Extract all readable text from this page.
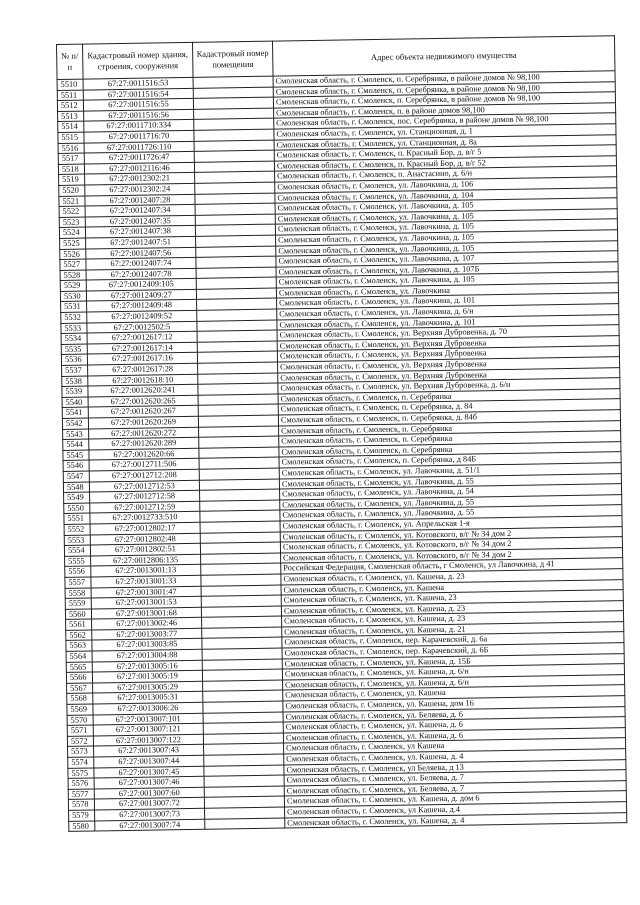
№ п/п	Кадастровый номер здания, строения, сооружения	Кадастровый номер помещения	Адрес объекта недвижимого имущества
5510	67:27:0011516:53		Смоленская область, г. Смоленск, п. Серебрянка, в районе домов № 98,100
5511	67:27:0011516:54		Смоленская область, г. Смоленск, п. Серебрянка, в районе домов № 98,100
5512	67:27:0011516:55		Смоленская область, г. Смоленск, п. Серебрянка, в районе домов № 98,100
5513	67:27:0011516:56		Смоленская область, г. Смоленск, п. в районе домов 98,100
5514	67:27:0011710:334		Смоленская область, г. Смоленск, пос. Серебрянка, в районе домов № 98,100
5515	67:27:0011716:70		Смоленская область, г. Смоленск, ул. Станционная, д. 1
5516	67:27:0011726:110		Смоленская область, г. Смоленск, ул. Станционная, д. 8а
5517	67:27:0011726:47		Смоленская область, г. Смоленск, п. Красный Бор, д. в/г 5
5518	67:27:0012116:46		Смоленская область, г. Смоленск, п. Красный Бор, д. в/г 52
5519	67:27:0012302:21		Смоленская область, г. Смоленск, п. Анастасино, д. 6/н
5520	67:27:0012302:24		Смоленская область, г. Смоленск, ул. Лавочкина, д. 106
5521	67:27:0012407:28		Смоленская область, г. Смоленск, ул. Лавочкина, д. 104
5522	67:27:0012407:34		Смоленская область, г. Смоленск, ул. Лавочкина, д. 105
5523	67:27:0012407:35		Смоленская область, г. Смоленск, ул. Лавочкина, д. 105
5524	67:27:0012407:38		Смоленская область, г. Смоленск, ул. Лавочкина, д. 105
5525	67:27:0012407:51		Смоленская область, г. Смоленск, ул. Лавочкина, д. 105
5526	67:27:0012407:56		Смоленская область, г. Смоленск, ул. Лавочкина, д. 105
5527	67:27:0012407:74		Смоленская область, г. Смоленск, ул. Лавочкина, д. 107
5528	67:27:0012407:78		Смоленская область, г. Смоленск, ул. Лавочкина, д. 107Б
5529	67:27:0012409:105		Смоленская область, г. Смоленск, ул. Лавочкина, д. 105
5530	67:27:0012409:27		Смоленская область, г. Смоленск, ул. Лавочкина
5531	67:27:0012409:48		Смоленская область, г. Смоленск, ул. Лавочкина, д. 101
5532	67:27:0012409:52		Смоленская область, г. Смоленск, ул. Лавочкина, д. 6/н
5533	67:27:0012502:5		Смоленская область, г. Смоленск, ул. Лавочкина, д. 101
5534	67:27:0012617:12		Смоленская область, г. Смоленск, ул. Верхняя Дубровенка, д. 70
5535	67:27:0012617:14		Смоленская область, г. Смоленск, ул. Верхняя Дубровенка
5536	67:27:0012617:16		Смоленская область, г. Смоленск, ул. Верхняя Дубровенка
5537	67:27:0012617:28		Смоленская область, г. Смоленск, ул. Верхняя Дубровенка
5538	67:27:0012618:10		Смоленская область, г. Смоленск, ул. Верхняя Дубровенка
5539	67:27:0012620:241		Смоленская область, г. Смоленск, ул. Верхняя Дубровенка, д. 6/н
5540	67:27:0012620:265		Смоленская область, г. Смоленск, п. Серебрянка
5541	67:27:0012620:267		Смоленская область, г. Смоленск, п. Серебрянка, д. 84
5542	67:27:0012620:269		Смоленская область, г. Смоленск, п. Серебрянка, д. 84б
5543	67:27:0012620:272		Смоленская область, г. Смоленск, п. Серебрянка
5544	67:27:0012620:289		Смоленская область, г. Смоленск, п. Серебрянка
5545	67:27:0012620:66		Смоленская область, г. Смоленск, п. Серебрянка
5546	67:27:0012711:506		Смоленская область, г. Смоленск, п. Серебрянка, д 84Б
5547	67:27:0012712:208		Смоленская область, г. Смоленск, ул. Лавочкина, д. 51/1
5548	67:27:0012712:53		Смоленская область, г. Смоленск, ул. Лавочкина, д. 55
5549	67:27:0012712:58		Смоленская область, г. Смоленск, ул. Лавочкина, д. 54
5550	67:27:0012712:59		Смоленская область, г. Смоленск, ул. Лавочкина, д. 55
5551	67:27:0012733:510		Смоленская область, г. Смоленск, ул. Лавочкина, д. 55
5552	67:27:0012802:17		Смоленская область, г. Смоленск, ул. Апрельская 1-я
5553	67:27:0012802:48		Смоленская область, г. Смоленск, ул. Котовского, в/г № 34 дом 2
5554	67:27:0012802:51		Смоленская область, г. Смоленск, ул. Котовского, в/г № 34 дом 2
5555	67:27:0012806:135		Смоленская область, г. Смоленск, ул. Котовского, в/г № 34 дом 2
5556	67:27:0013001:13		Российская Федерация, Смоленская область, г Смоленск, ул Лавочкина, д 41
5557	67:27:0013001:33		Смоленская область, г. Смоленск, ул. Кашена, д. 23
5558	67:27:0013001:47		Смоленская область, г. Смоленск, ул. Кашена
5559	67:27:0013001:53		Смоленская область, г. Смоленск, ул. Кашена, 23
5560	67:27:0013001:68		Смоленская область, г. Смоленск, ул. Кашена, д. 23
5561	67:27:0013002:46		Смоленская область, г. Смоленск, ул. Кашена, д. 23
5562	67:27:0013003:77		Смоленская область, г. Смоленск, ул. Кашена, д. 21
5563	67:27:0013003:85		Смоленская область, г. Смоленск, пер. Карачевский, д. 6а
5564	67:27:0013004:88		Смоленская область, г. Смоленск, пер. Карачевский, д. 6Б
5565	67:27:0013005:16		Смоленская область, г. Смоленск, ул. Кашена, д. 15Б
5566	67:27:0013005:19		Смоленская область, г. Смоленск, ул. Кашена, д. 6/н
5567	67:27:0013005:29		Смоленская область, г. Смоленск, ул. Кашена, д. 6/н
5568	67:27:0013005:31		Смоленская область, г. Смоленск, ул. Кашена
5569	67:27:0013006:26		Смоленская область, г. Смоленск, ул. Кашена, дом 16
5570	67:27:0013007:101		Смоленская область, г. Смоленск, ул. Беляева, д. 6
5571	67:27:0013007:121		Смоленская область, г. Смоленск, ул. Кашена, д. 6
5572	67:27:0013007:122		Смоленская область, г. Смоленск, ул. Кашена, д. 6
5573	67:27:0013007:43		Смоленская область, г. Смоленск, ул Кашена
5574	67:27:0013007:44		Смоленская область, г. Смоленск, ул. Кашена, д. 4
5575	67:27:0013007:45		Смоленская область, г. Смоленск, ул Беляева, д 13
5576	67:27:0013007:46		Смоленская область, г. Смоленск, ул. Беляева, д. 7
5577	67:27:0013007:60		Смоленская область, г. Смоленск, ул. Беляева, д. 7
5578	67:27:0013007:72		Смоленская область, г. Смоленск, ул. Кашена, д. дом 6
5579	67:27:0013007:73		Смоленская область, г. Смоленск, ул Кашена, д.4
5580	67:27:0013007:74		Смоленская область, г. Смоленск, ул. Кашена, д. 4
